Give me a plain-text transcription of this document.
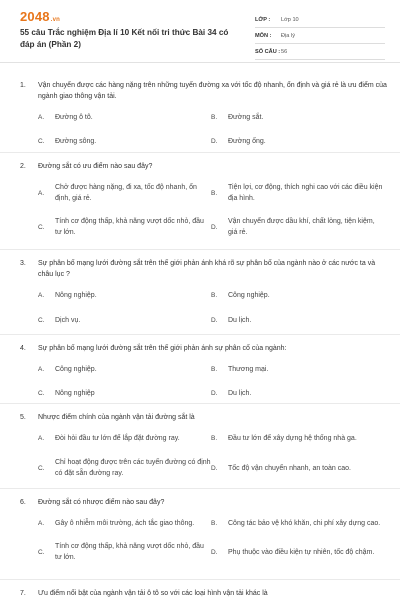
2048.vn
55 câu Trắc nghiệm Địa lí 10 Kết nối tri thức Bài 34 có đáp án (Phần 2)
LỚP :	Lớp 10
MÔN :	Địa lý
SỐ CÂU : 56
1. Vận chuyển được các hàng nặng trên những tuyến đường xa với tốc độ nhanh, ổn định và giá rẻ là ưu điểm của ngành giao thông vận tải.
A. Đường ô tô.	B. Đường sắt.
C. Đường sông.	D. Đường ống.
2. Đường sắt có ưu điểm nào sau đây?
A.
Chở được hàng nặng, đi xa, tốc độ nhanh, ổn định, giá rẻ.
B.
Tiện lợi, cơ động, thích nghi cao với các điều kiện địa hình.
C.
Tính cơ động thấp, khả năng vượt dốc nhỏ, đầu tư lớn.
D.
Vận chuyển được dầu khí, chất lỏng, tiện kiệm, giá rẻ.
3. Sự phân bố mạng lưới đường sắt trên thế giới phản ánh khá rõ sự phân bố của ngành nào ở các nước ta và châu lục ?
A. Nông nghiệp.	B. Công nghiệp.
C. Dịch vụ.	D. Du lịch.
4. Sự phân bố mạng lưới đường sắt trên thế giới phản ánh sự phân cố của ngành:
A. Công nghiệp.	B. Thương mại.
C. Nông nghiệp	D. Du lịch.
5. Nhược điểm chính của ngành vận tải đường sắt là
A. Đòi hỏi đầu tư lớn để lắp đặt đường ray.	B. Đầu tư lớn để xây dựng hệ thống nhà ga.
C.
Chỉ hoạt động được trên các tuyến đường có định có đặt sẵn đường ray.
D. Tốc độ vận chuyển nhanh, an toàn cao.
6. Đường sắt có nhược điểm nào sau đây?
A. Gây ô nhiễm môi trường, ách tắc giao thông.	B. Công tác bảo vệ khó khăn, chi phí xây dựng cao.
C.
Tính cơ động thấp, khả năng vượt dốc nhỏ, đầu tư lớn.
D. Phụ thuộc vào điều kiện tự nhiên, tốc độ chậm.
7. Ưu điểm nổi bật của ngành vận tải ô tô so với các loại hình vận tải khác là
